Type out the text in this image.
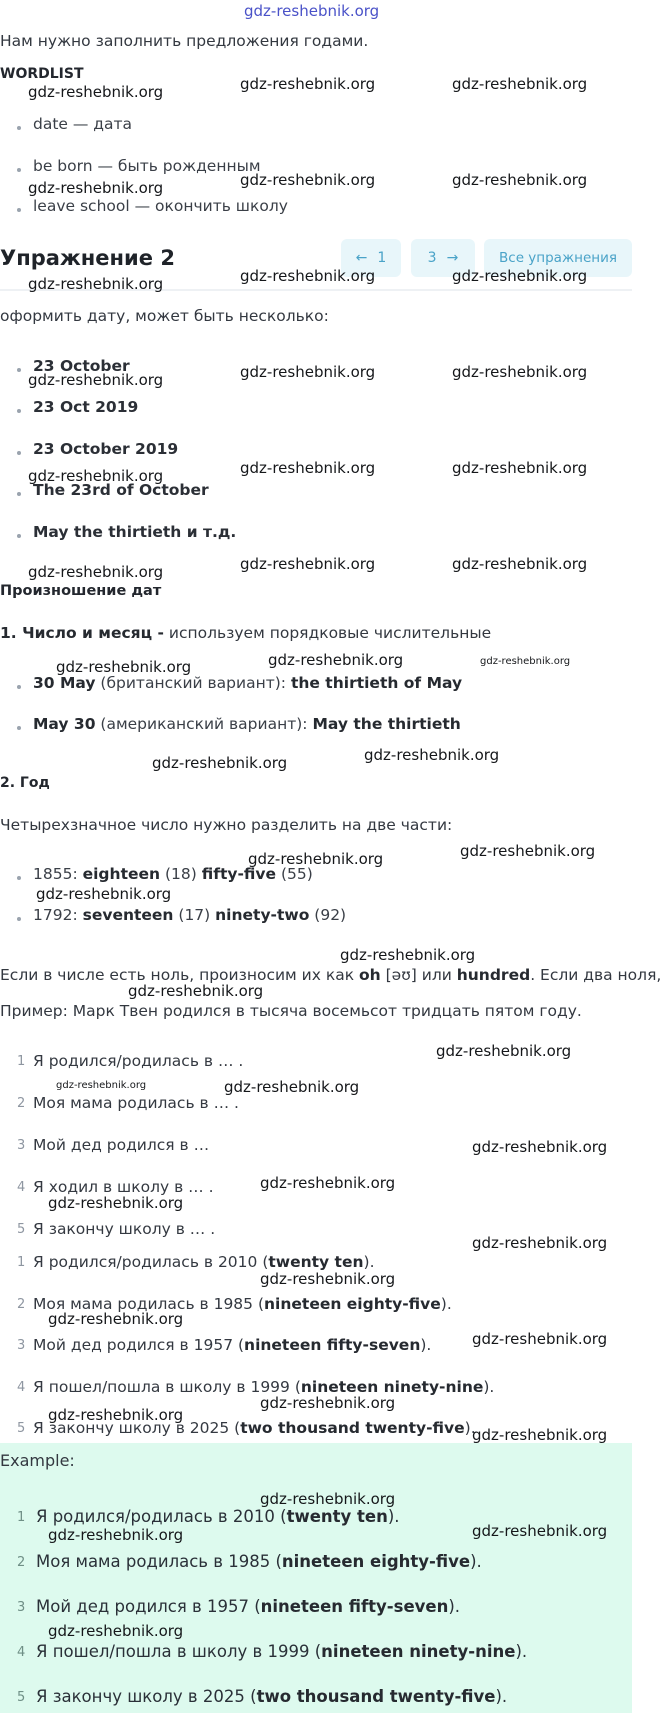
gdz-reshebnik.org
Нам нужно заполнить предложения годами.
WORDLIST
date — дата
be born — быть рожденным
leave school — окончить школу
Упражнение 2	← 1	3 →	Все упражнения
оформить дату, может быть несколько:
23 October
23 Oct 2019
23 October 2019
The 23rd of October
May the thirtieth и т.д.
Произношение дат
1. Число и месяц - используем порядковые числительные
30 May (британский вариант): the thirtieth of May
May 30 (американский вариант): May the thirtieth
2. Год
Четырехзначное число нужно разделить на две части:
1855: eighteen (18) fifty-five (55)
1792: seventeen (17) ninety-two (92)
Если в числе есть ноль, произносим их как oh [əʊ] или hundred. Если два ноля,
Пример: Марк Твен родился в тысяча восемьсот тридцать пятом году.
1 Я родился/родилась в … .
2 Моя мама родилась в … .
3 Мой дед родился в …
4 Я ходил в школу в … .
5 Я закончу школу в … .
1 Я родился/родилась в 2010 (twenty ten).
2 Моя мама родилась в 1985 (nineteen eighty-five).
3 Мой дед родился в 1957 (nineteen fifty-seven).
4 Я пошел/пошла в школу в 1999 (nineteen ninety-nine).
5 Я закончу школу в 2025 (two thousand twenty-five).
Example:
1 Я родился/родилась в 2010 (twenty ten).
2 Моя мама родилась в 1985 (nineteen eighty-five).
3 Мой дед родился в 1957 (nineteen fifty-seven).
4 Я пошел/пошла в школу в 1999 (nineteen ninety-nine).
5 Я закончу школу в 2025 (two thousand twenty-five).
gdz-reshebnik.org	gdz-reshebnik.org	gdz-reshebnik.org
gdz-reshebnik.org	gdz-reshebnik.org	gdz-reshebnik.org
gdz-reshebnik.org	gdz-reshebnik.org	gdz-reshebnik.org
gdz-reshebnik.org	gdz-reshebnik.org	gdz-reshebnik.org
gdz-reshebnik.org	gdz-reshebnik.org	gdz-reshebnik.org
gdz-reshebnik.org	gdz-reshebnik.org	gdz-reshebnik.org
gdz-reshebnik.org	gdz-reshebnik.org	gdz-reshebnik.org
gdz-reshebnik.org	gdz-reshebnik.org
gdz-reshebnik.org	gdz-reshebnik.org
gdz-reshebnik.org
gdz-reshebnik.org
gdz-reshebnik.org
gdz-reshebnik.org
gdz-reshebnik.org	gdz-reshebnik.org
gdz-reshebnik.org
gdz-reshebnik.org
gdz-reshebnik.org
gdz-reshebnik.org
gdz-reshebnik.org
gdz-reshebnik.org
gdz-reshebnik.org
gdz-reshebnik.org
gdz-reshebnik.org
gdz-reshebnik.org
gdz-reshebnik.org
gdz-reshebnik.org	gdz-reshebnik.org
gdz-reshebnik.org
